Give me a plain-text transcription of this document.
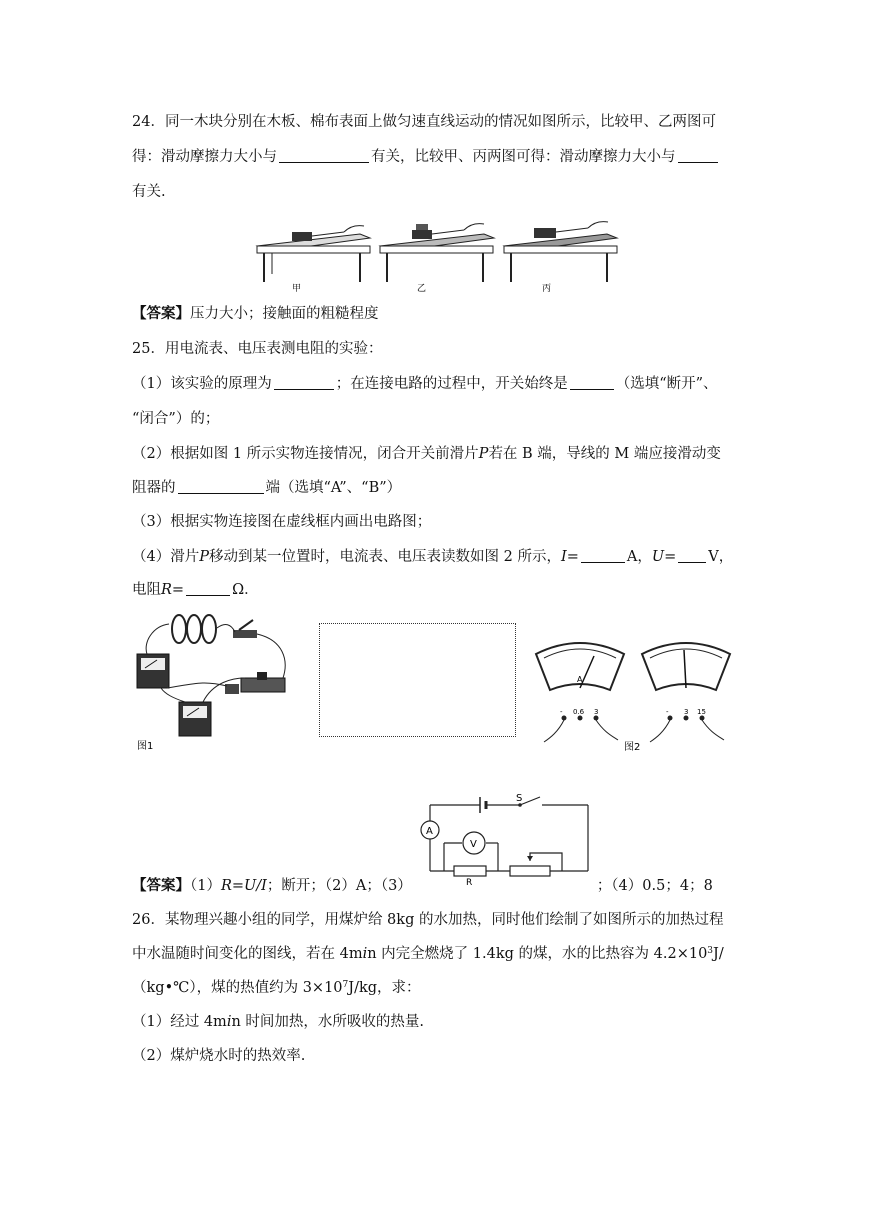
24．同一木块分别在木板、棉布表面上做匀速直线运动的情况如图所示，比较甲、乙两图可
得：滑动摩擦力大小与	有关，比较甲、丙两图可得：滑动摩擦力大小与
有关.
甲	乙	丙
【答案】压力大小；接触面的粗糙程度
25．用电流表、电压表测电阻的实验：
（1）该实验的原理为	；在连接电路的过程中，开关始终是	（选填“断开”、
“闭合”）的；
（2）根据如图 1 所示实物连接情况，闭合开关前滑片P若在 B 端，导线的 M 端应接滑动变
阻器的	端（选填“A”、“B”）
（3）根据实物连接图在虚线框内画出电路图；
（4）滑片P移动到某一位置时，电流表、电压表读数如图 2 所示，I=	A，U= V，
电阻R=	Ω．
图1
A
- 0.6 3	- 3 15
图2
S
A
V
R
【答案】（1）R=U/I；断开；（2）A；（3）	；（4）0.5；4；8
26．某物理兴趣小组的同学，用煤炉给 8kg 的水加热，同时他们绘制了如图所示的加热过程
中水温随时间变化的图线，若在 4min 内完全燃烧了 1.4kg 的煤，水的比热容为 $4.2\times 10^3J/$
（kg•℃），煤的热值约为 $3\times 10^7J/kg$，求：
（1）经过 4min 时间加热，水所吸收的热量.
（2）煤炉烧水时的热效率.
